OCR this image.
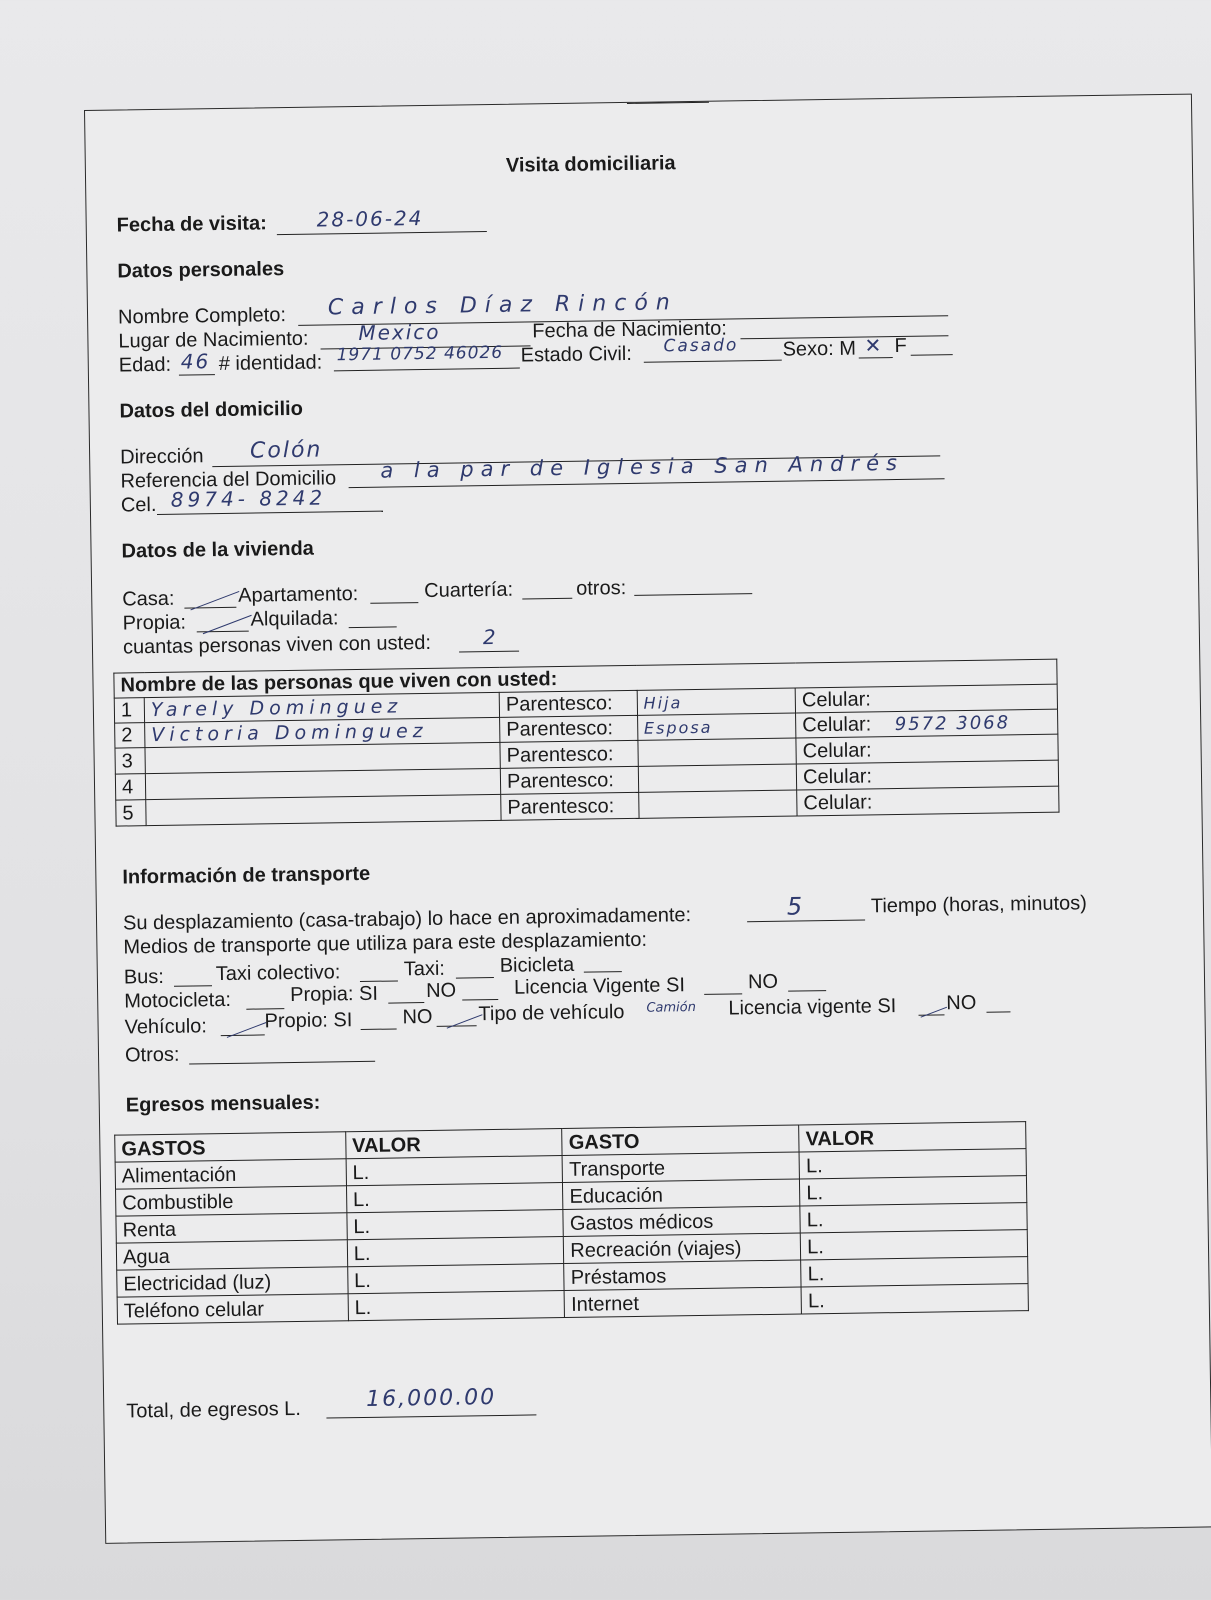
Visita domiciliaria
Fecha de visita: 28-06-24
Datos personales
Nombre Completo: Carlos Díaz Rincón
Lugar de Nacimiento: Mexico	Fecha de Nacimiento:
Edad: 46 # identidad: 1971 0752 46026 Estado Civil: Casado Sexo: M ✕ F
Datos del domicilio
Dirección Colón
Referencia del Domicilio a la par de Iglesia San Andrés
Cel. 8974- 8242
Datos de la vivienda
Casa:	Apartamento:	Cuartería:	otros:
Propia:	Alquilada:
cuantas personas viven con usted:	2
Nombre de las personas que viven con usted:				
1	Yarely Dominguez	Parentesco:	Hija	Celular:
2	Victoria Dominguez	Parentesco:	Esposa	Celular: 9572 3068
3		Parentesco:		Celular:
4		Parentesco:		Celular:
5		Parentesco:		Celular:
Información de transporte
Su desplazamiento (casa-trabajo) lo hace en aproximadamente:	5	Tiempo (horas, minutos)
Medios de transporte que utiliza para este desplazamiento:
Bus:	Taxi colectivo:	Taxi:	Bicicleta
Motocicleta:	Propia: SI NO	Licencia Vigente SI	NO
Vehículo:	Propio: SI NO Tipo de vehículo Camión Licencia vigente SI NO
Otros:
Egresos mensuales:
GASTOS	VALOR	GASTO	VALOR
Alimentación	L.	Transporte	L.
Combustible	L.	Educación	L.
Renta	L.	Gastos médicos	L.
Agua	L.	Recreación (viajes)	L.
Electricidad (luz)	L.	Préstamos	L.
Teléfono celular	L.	Internet	L.
Total, de egresos L.	16,000.00
